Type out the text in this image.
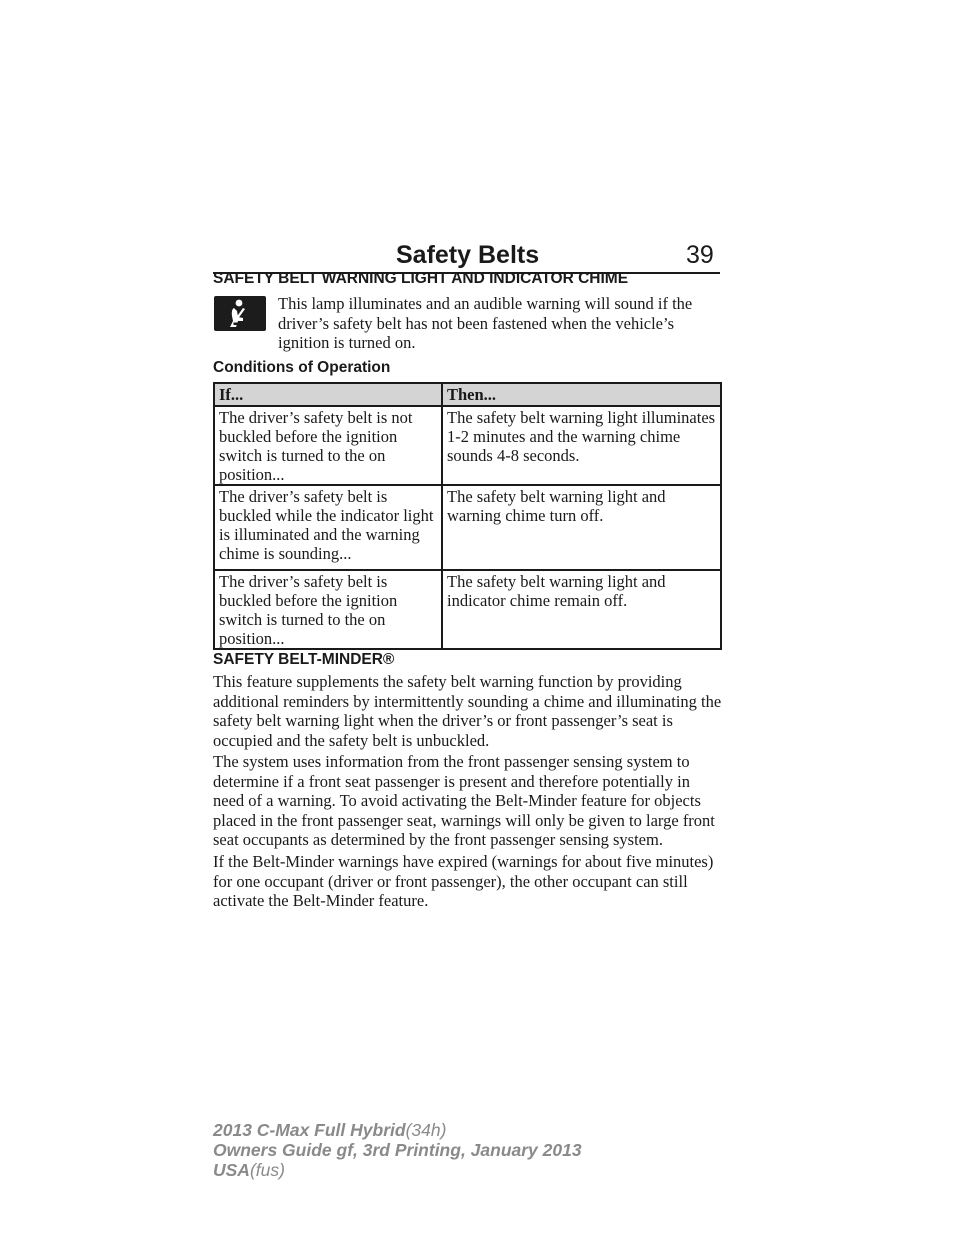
Safety Belts	39
SAFETY BELT WARNING LIGHT AND INDICATOR CHIME
This lamp illuminates and an audible warning will sound if the driver’s safety belt has not been fastened when the vehicle’s ignition is turned on.
Conditions of Operation
If...	Then...
The driver’s safety belt is not buckled before the ignition switch is turned to the on position...	The safety belt warning light illuminates 1-2 minutes and the warning chime sounds 4-8 seconds.
The driver’s safety belt is buckled while the indicator light is illuminated and the warning chime is sounding...	The safety belt warning light and warning chime turn off.
The driver’s safety belt is buckled before the ignition switch is turned to the on position...	The safety belt warning light and indicator chime remain off.
SAFETY BELT-MINDER®
This feature supplements the safety belt warning function by providing additional reminders by intermittently sounding a chime and illuminating the safety belt warning light when the driver’s or front passenger’s seat is occupied and the safety belt is unbuckled.
The system uses information from the front passenger sensing system to determine if a front seat passenger is present and therefore potentially in need of a warning. To avoid activating the Belt-Minder feature for objects placed in the front passenger seat, warnings will only be given to large front seat occupants as determined by the front passenger sensing system.
If the Belt-Minder warnings have expired (warnings for about five minutes) for one occupant (driver or front passenger), the other occupant can still activate the Belt-Minder feature.
2013 C-Max Full Hybrid(34h)
Owners Guide gf, 3rd Printing, January 2013
USA(fus)
